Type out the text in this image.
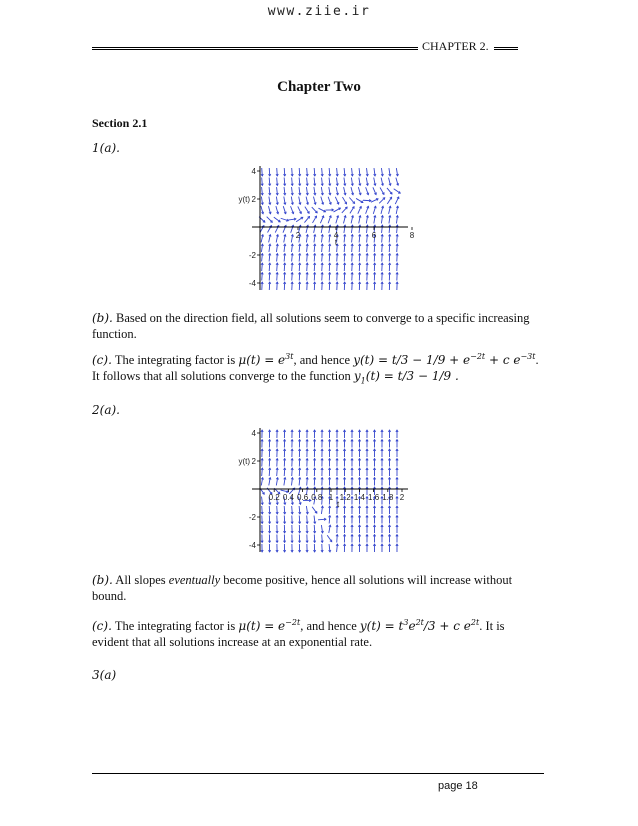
www.ziie.ir
CHAPTER 2.
Chapter Two
Section 2.1
1(a).
4
2
-2
-4
2	4	6	8
y(t)
t
(b). Based on the direction field, all solutions seem to converge to a specific increasing function.
(c). The integrating factor is $\mu(t) = e^{3t}$, and hence $y(t) = t/3 - 1/9 + e^{-2t} + c$ $e^{-3t}$.
It follows that all solutions converge to the function $y_1(t) = t/3 - 1/9$ .
2(a).
4
2
-2
-4
0.2 0.4 0.6 0.8 1 1.2 1.4 1.6 1.8 2
y(t)
t
(b). All slopes eventually become positive, hence all solutions will increase without bound.
(c). The integrating factor is $\mu(t) = e^{-2t}$, and hence $y(t) = t^3e^{2t}/3 + c$ $e^{2t}$. It is evident that all solutions increase at an exponential rate.
3(a)
page 18
